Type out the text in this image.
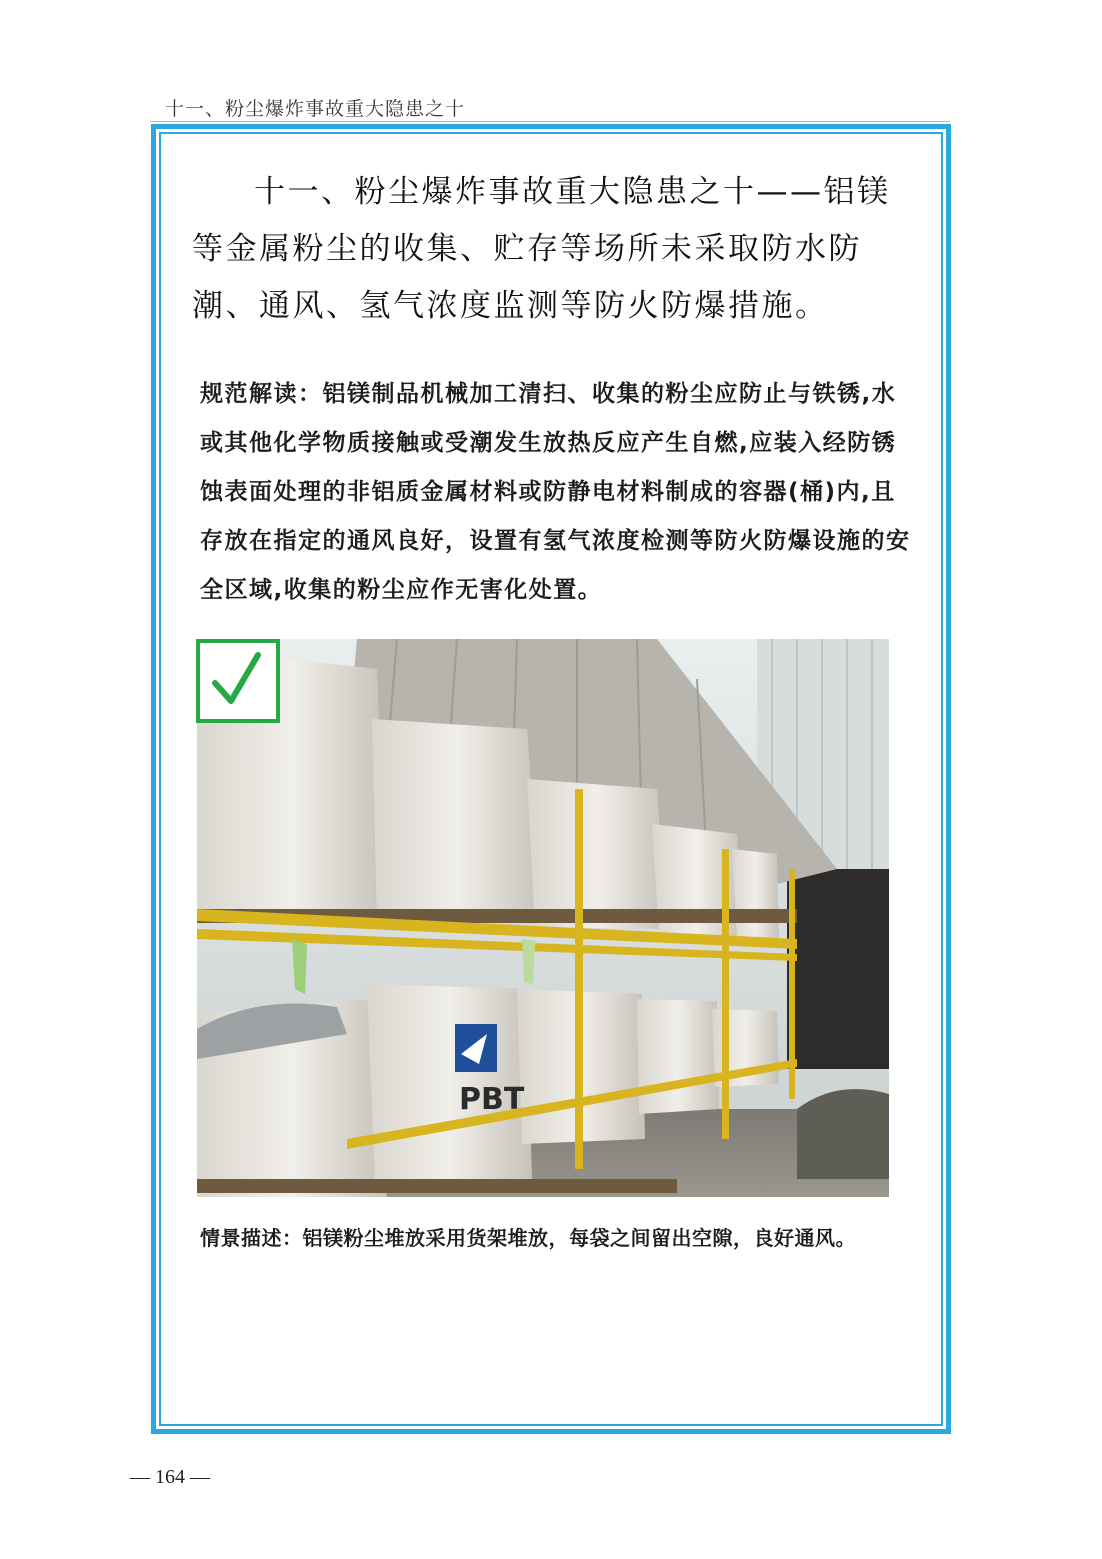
十一、粉尘爆炸事故重大隐患之十
十一、粉尘爆炸事故重大隐患之十——铝镁等金属粉尘的收集、贮存等场所未采取防水防潮、通风、氢气浓度监测等防火防爆措施。
规范解读：铝镁制品机械加工清扫、收集的粉尘应防止与铁锈,水或其他化学物质接触或受潮发生放热反应产生自燃,应装入经防锈蚀表面处理的非铝质金属材料或防静电材料制成的容器(桶)内,且存放在指定的通风良好，设置有氢气浓度检测等防火防爆设施的安全区域,收集的粉尘应作无害化处置。
PBT
情景描述：铝镁粉尘堆放采用货架堆放，每袋之间留出空隙，良好通风。
— 164 —
